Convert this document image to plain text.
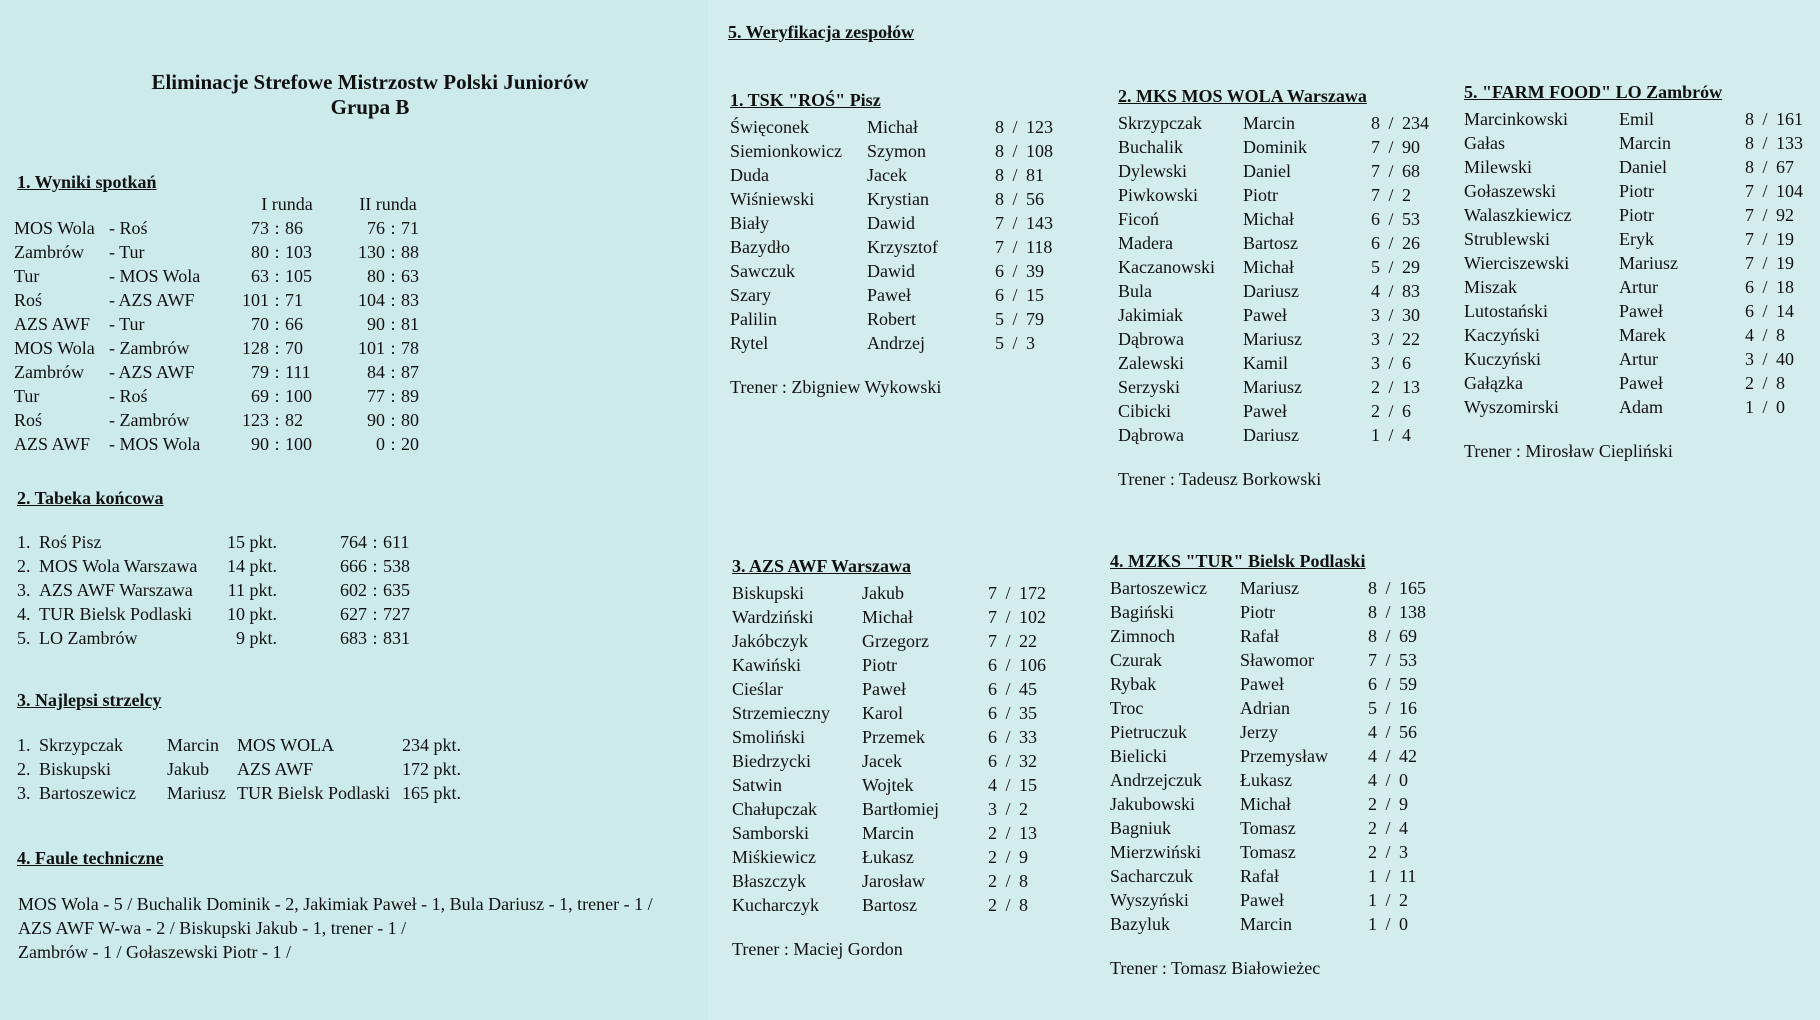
Eliminacje Strefowe Mistrzostw Polski Juniorów
Grupa B
1. Wyniki spotkań
		I runda			II runda		
MOS Wola	- Roś	73	:	86	76	:	71
Zambrów	- Tur	80	:	103	130	:	88
Tur	- MOS Wola	63	:	105	80	:	63
Roś	- AZS AWF	101	:	71	104	:	83
AZS AWF	- Tur	70	:	66	90	:	81
MOS Wola	- Zambrów	128	:	70	101	:	78
Zambrów	- AZS AWF	79	:	111	84	:	87
Tur	- Roś	69	:	100	77	:	89
Roś	- Zambrów	123	:	82	90	:	80
AZS AWF	- MOS Wola	90	:	100	0	:	20
2. Tabeka końcowa
1.	Roś Pisz	15 pkt.		764	:	611
2.	MOS Wola Warszawa	14 pkt.		666	:	538
3.	AZS AWF Warszawa	11 pkt.		602	:	635
4.	TUR Bielsk Podlaski	10 pkt.		627	:	727
5.	LO Zambrów	9 pkt.		683	:	831
3. Najlepsi strzelcy
1.	Skrzypczak	Marcin	MOS WOLA	234 pkt.
2.	Biskupski	Jakub	AZS AWF	172 pkt.
3.	Bartoszewicz	Mariusz	TUR Bielsk Podlaski	165 pkt.
4. Faule techniczne
MOS Wola - 5 / Buchalik Dominik - 2, Jakimiak Paweł - 1, Bula Dariusz - 1, trener - 1 /
AZS AWF W-wa - 2 / Biskupski Jakub - 1, trener - 1 /
Zambrów - 1 / Gołaszewski Piotr - 1 /
5. Weryfikacja zespołów
1. TSK "ROŚ" Pisz
Święconek	Michał	8	/	123
Siemionkowicz	Szymon	8	/	108
Duda	Jacek	8	/	81
Wiśniewski	Krystian	8	/	56
Biały	Dawid	7	/	143
Bazydło	Krzysztof	7	/	118
Sawczuk	Dawid	6	/	39
Szary	Paweł	6	/	15
Palilin	Robert	5	/	79
Rytel	Andrzej	5	/	3
Trener : Zbigniew Wykowski
2. MKS MOS WOLA Warszawa
Skrzypczak	Marcin	8	/	234
Buchalik	Dominik	7	/	90
Dylewski	Daniel	7	/	68
Piwkowski	Piotr	7	/	2
Ficoń	Michał	6	/	53
Madera	Bartosz	6	/	26
Kaczanowski	Michał	5	/	29
Bula	Dariusz	4	/	83
Jakimiak	Paweł	3	/	30
Dąbrowa	Mariusz	3	/	22
Zalewski	Kamil	3	/	6
Serzyski	Mariusz	2	/	13
Cibicki	Paweł	2	/	6
Dąbrowa	Dariusz	1	/	4
Trener : Tadeusz Borkowski
5. "FARM FOOD" LO Zambrów
Marcinkowski	Emil	8	/	161
Gałas	Marcin	8	/	133
Milewski	Daniel	8	/	67
Gołaszewski	Piotr	7	/	104
Walaszkiewicz	Piotr	7	/	92
Strublewski	Eryk	7	/	19
Wierciszewski	Mariusz	7	/	19
Miszak	Artur	6	/	18
Lutostański	Paweł	6	/	14
Kaczyński	Marek	4	/	8
Kuczyński	Artur	3	/	40
Gałązka	Paweł	2	/	8
Wyszomirski	Adam	1	/	0
Trener : Mirosław Ciepliński
3. AZS AWF Warszawa
Biskupski	Jakub	7	/	172
Wardziński	Michał	7	/	102
Jakóbczyk	Grzegorz	7	/	22
Kawiński	Piotr	6	/	106
Cieślar	Paweł	6	/	45
Strzemieczny	Karol	6	/	35
Smoliński	Przemek	6	/	33
Biedrzycki	Jacek	6	/	32
Satwin	Wojtek	4	/	15
Chałupczak	Bartłomiej	3	/	2
Samborski	Marcin	2	/	13
Miśkiewicz	Łukasz	2	/	9
Błaszczyk	Jarosław	2	/	8
Kucharczyk	Bartosz	2	/	8
Trener : Maciej Gordon
4. MZKS "TUR" Bielsk Podlaski
Bartoszewicz	Mariusz	8	/	165
Bagiński	Piotr	8	/	138
Zimnoch	Rafał	8	/	69
Czurak	Sławomor	7	/	53
Rybak	Paweł	6	/	59
Troc	Adrian	5	/	16
Pietruczuk	Jerzy	4	/	56
Bielicki	Przemysław	4	/	42
Andrzejczuk	Łukasz	4	/	0
Jakubowski	Michał	2	/	9
Bagniuk	Tomasz	2	/	4
Mierzwiński	Tomasz	2	/	3
Sacharczuk	Rafał	1	/	11
Wyszyński	Paweł	1	/	2
Bazyluk	Marcin	1	/	0
Trener : Tomasz Białowieżec
